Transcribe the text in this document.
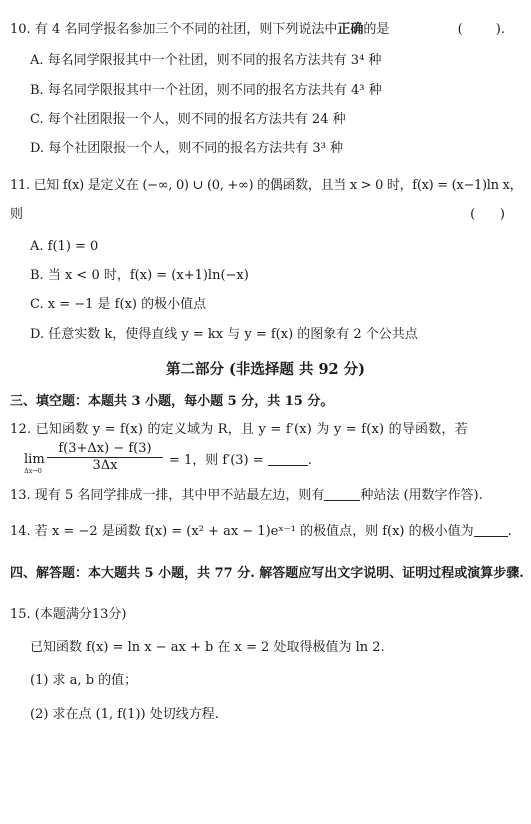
10. 有 4 名同学报名参加三个不同的社团，则下列说法中正确的是	(        ).
A. 每名同学限报其中一个社团，则不同的报名方法共有 3⁴ 种
B. 每名同学限报其中一个社团，则不同的报名方法共有 4³ 种
C. 每个社团限报一个人，则不同的报名方法共有 24 种
D. 每个社团限报一个人，则不同的报名方法共有 3³ 种
11. 已知 f(x) 是定义在 (−∞, 0) ∪ (0, +∞) 的偶函数，且当 x > 0 时，f(x) = (x−1)ln x，
则	(      )
A. f(1) = 0
B. 当 x < 0 时，f(x) = (x+1)ln(−x)
C. x = −1 是 f(x) 的极小值点
D. 任意实数 k，使得直线 y = kx 与 y = f(x) 的图象有 2 个公共点
第二部分 (非选择题 共 92 分)
三、填空题：本题共 3 小题，每小题 5 分，共 15 分。
12. 已知函数 y = f(x) 的定义域为 R，且 y = f′(x) 为 y = f(x) 的导函数，若
lim
$\Delta x\to 0 \frac{f(3+\Delta x) - f(3)}{3\Delta x} = 1$，则 f′(3) =	.
13. 现有 5 名同学排成一排，其中甲不站最左边，则有	种站法 (用数字作答).
14. 若 x = −2 是函数 f(x) = (x² + ax − 1)eˣ⁻¹ 的极值点，则 f(x) 的极小值为	.
四、解答题：本大题共 5 小题，共 77 分. 解答题应写出文字说明、证明过程或演算步骤.
15. (本题满分13分)
已知函数 f(x) = ln x − ax + b 在 x = 2 处取得极值为 ln 2.
(1) 求 a, b 的值；
(2) 求在点 (1, f(1)) 处切线方程.
